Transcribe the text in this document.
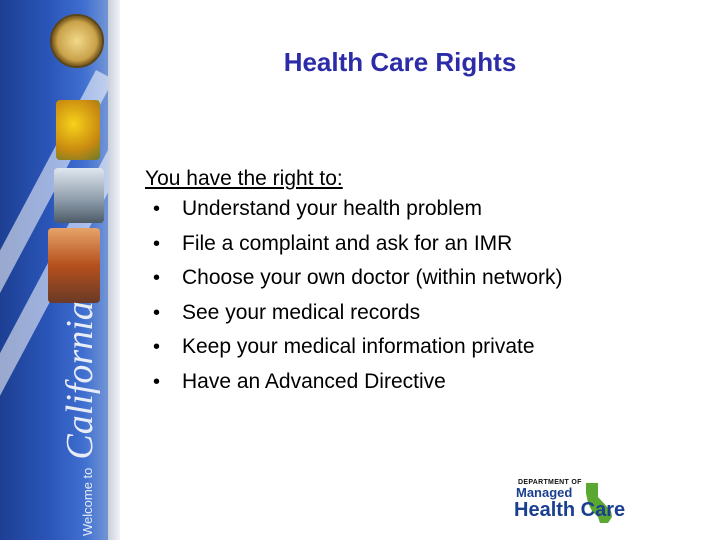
Welcome toCalifornia
Health Care Rights
You have the right to:
• Understand your health problem
• File a complaint and ask for an IMR
• Choose your own doctor (within network)
• See your medical records
• Keep your medical information private
• Have an Advanced Directive
DEPARTMENT OF
Managed
Health Care
